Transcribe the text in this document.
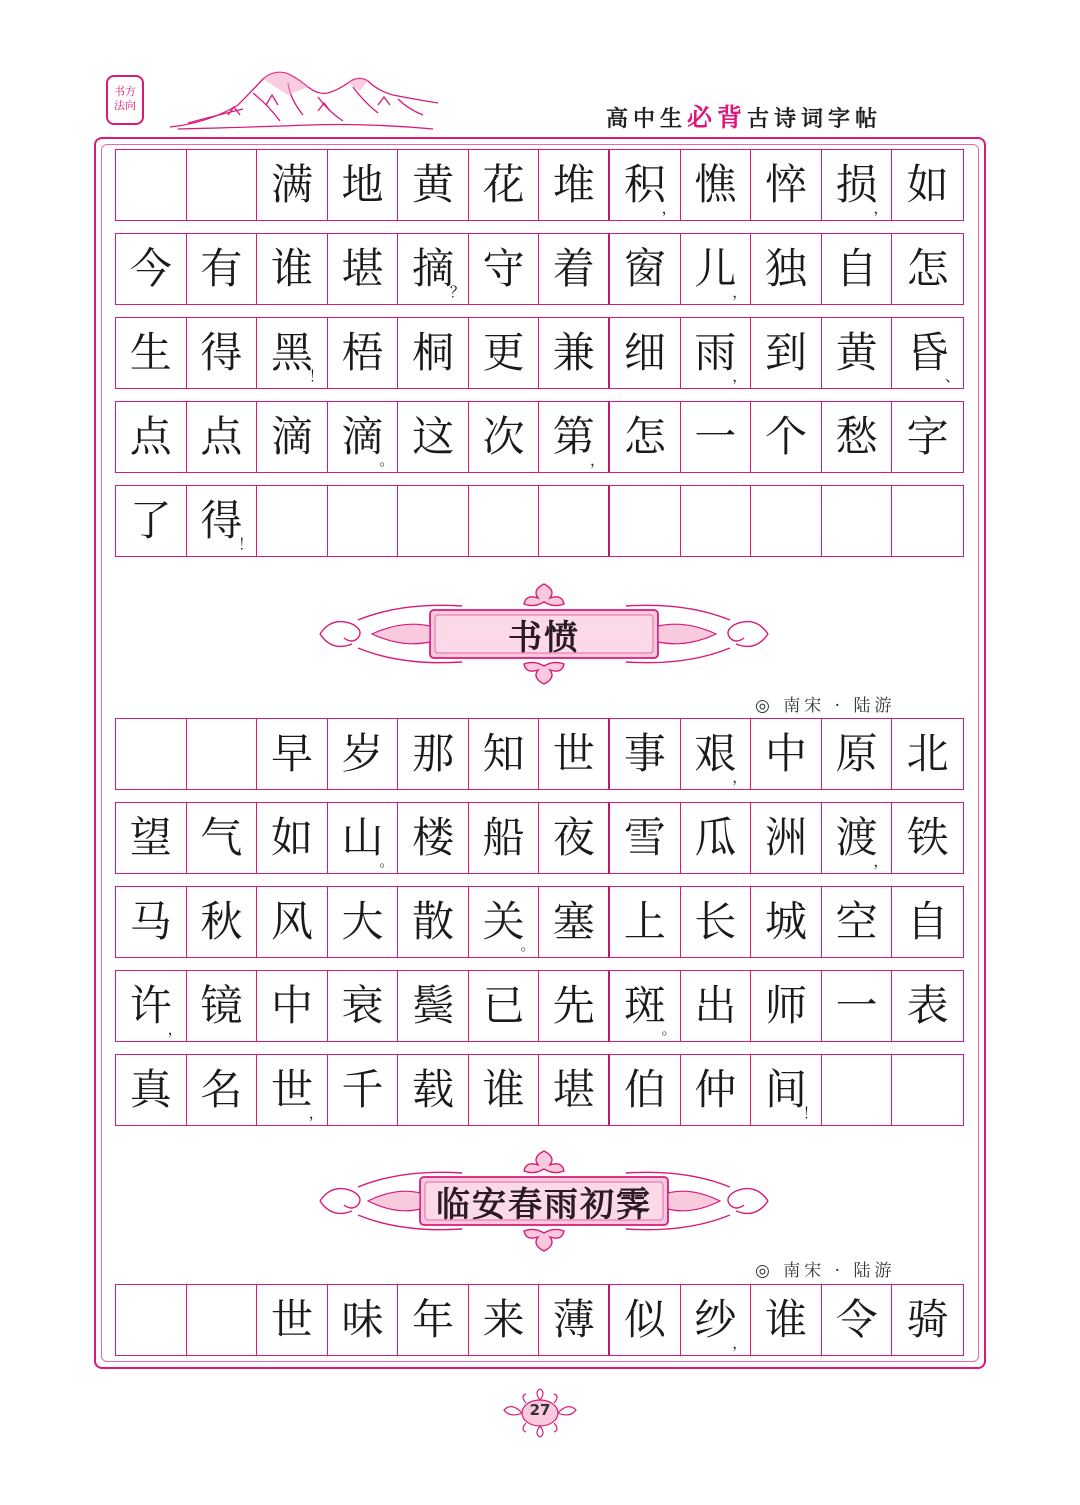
书方
法向
高中生必背古诗词字帖
满 地 黄 花 堆 积
， 憔 悴 损
， 如
今 有 谁 堪 摘
？ 守 着 窗 儿
， 独 自 怎
生 得 黑
！ 梧 桐 更 兼 细 雨
， 到 黄 昏
、
点 点 滴 滴
。 这 次 第
， 怎 一 个 愁 字
了 得
！
书愤
◎ 南宋 · 陆游
早 岁 那 知 世 事 艰
， 中 原 北
望 气 如 山
。 楼 船 夜 雪 瓜 洲 渡
， 铁
马 秋 风 大 散 关
。 塞 上 长 城 空 自
许
， 镜 中 衰 鬓 已 先 斑
。 出 师 一 表
真 名 世
， 千 载 谁 堪 伯 仲 间
！
临安春雨初霁
◎ 南宋 · 陆游
世 味 年 来 薄 似 纱
， 谁 令 骑
27
